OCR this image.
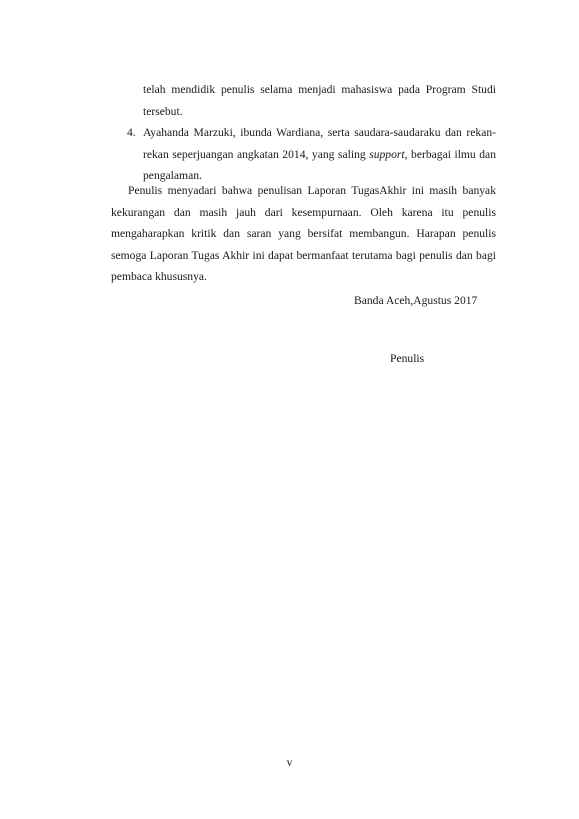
telah mendidik penulis selama menjadi mahasiswa pada Program Studi tersebut.
4. Ayahanda Marzuki, ibunda Wardiana, serta saudara-saudaraku dan rekan-rekan seperjuangan angkatan 2014, yang saling support, berbagai ilmu dan pengalaman.
Penulis menyadari bahwa penulisan Laporan TugasAkhir ini masih banyak kekurangan dan masih jauh dari kesempurnaan. Oleh karena itu penulis mengaharapkan kritik dan saran yang bersifat membangun. Harapan penulis semoga Laporan Tugas Akhir ini dapat bermanfaat terutama bagi penulis dan bagi pembaca khususnya.
Banda Aceh,Agustus 2017
Penulis
v
